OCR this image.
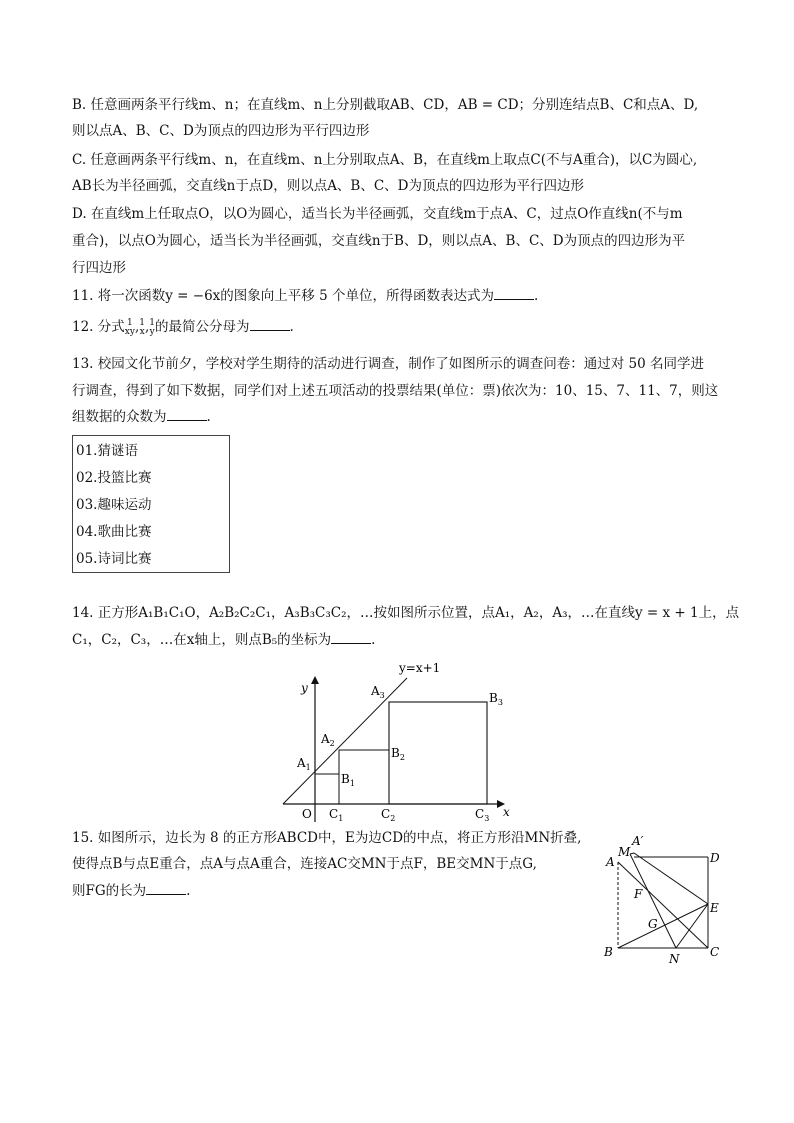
B. 任意画两条平行线m、n；在直线m、n上分别截取AB、CD，AB = CD；分别连结点B、C和点A、D,
则以点A、B、C、D为顶点的四边形为平行四边形
C. 任意画两条平行线m、n，在直线m、n上分别取点A、B，在直线m上取点C(不与A重合)，以C为圆心,
AB长为半径画弧，交直线n于点D，则以点A、B、C、D为顶点的四边形为平行四边形
D. 在直线m上任取点O，以O为圆心，适当长为半径画弧，交直线m于点A、C，过点O作直线n(不与m
重合)，以点O为圆心，适当长为半径画弧，交直线n于B、D，则以点A、B、C、D为顶点的四边形为平
行四边形
11. 将一次函数y = −6x的图象向上平移 5 个单位，所得函数表达式为	.
12. 分式 1
xy , 1
x , 1
y 的最简公分母为	.
13. 校园文化节前夕，学校对学生期待的活动进行调查，制作了如图所示的调查问卷：通过对 50 名同学进
行调查，得到了如下数据，同学们对上述五项活动的投票结果(单位：票)依次为：10、15、7、11、7，则这
组数据的众数为	.
01.猜谜语
02.投篮比赛
03.趣味运动
04.歌曲比赛
05.诗词比赛
14. 正方形A₁B₁C₁O，A₂B₂C₂C₁，A₃B₃C₃C₂，…按如图所示位置，点A₁，A₂，A₃，…在直线y = x + 1上，点
C₁，C₂，C₃，…在x轴上，则点B₅的坐标为	.
y=x+1
y
x
O
$A_1$
$A_2$
$A_3$
$B_1$
$B_2$
$B_3$
$C_1$	$C_2$	$C_3$
15. 如图所示，边长为 8 的正方形ABCD中，E为边CD的中点，将正方形沿MN折叠,
使得点B与点E重合，点A与点A重合，连接AC交MN于点F，BE交MN于点G,
则FG的长为	.
A′
M
A	D
F
E
G
B	N	C
